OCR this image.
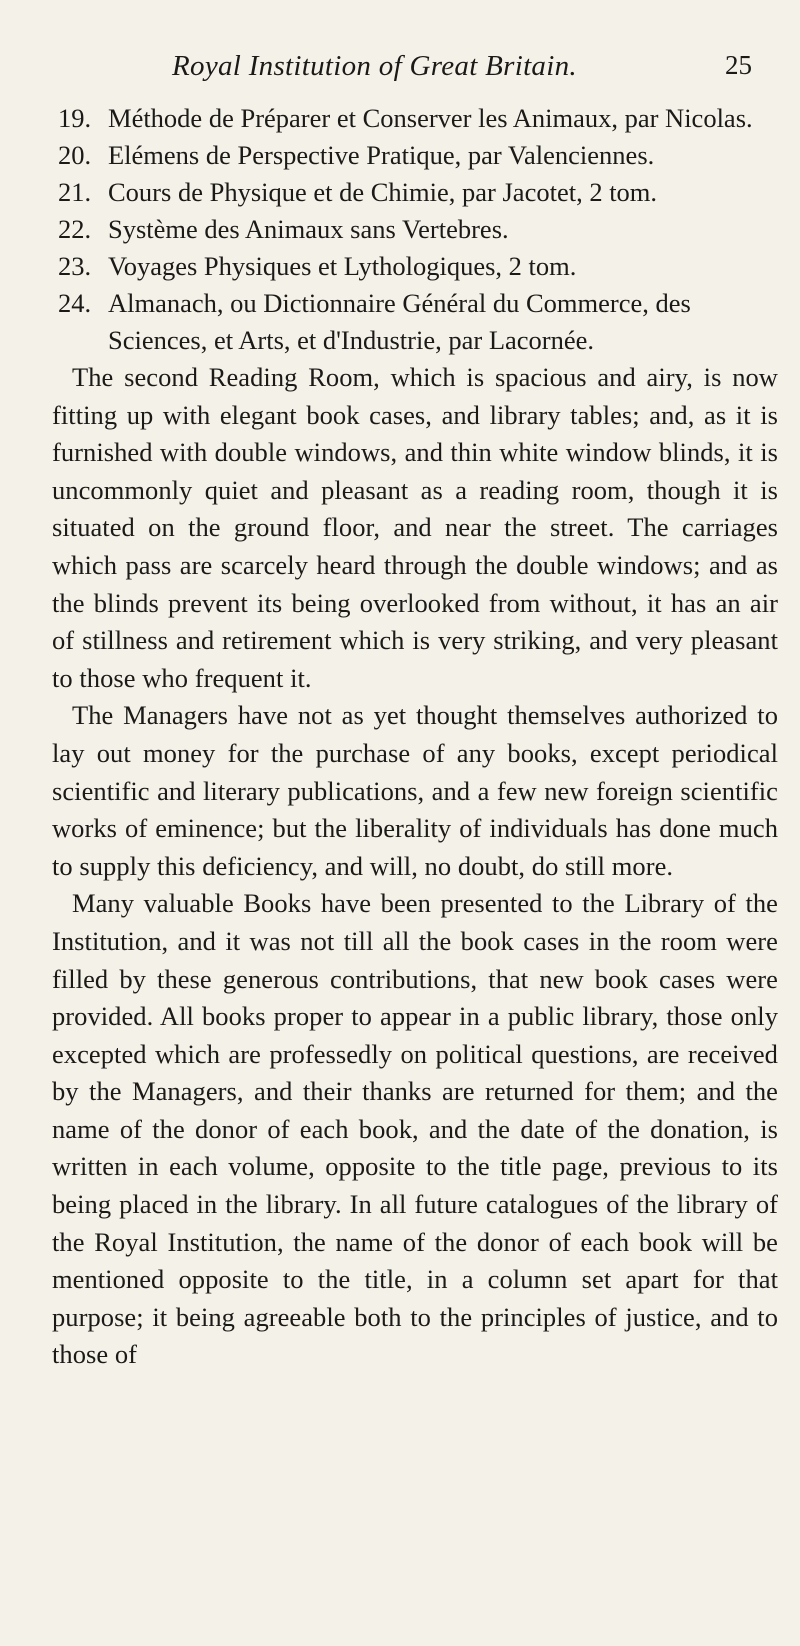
Royal Institution of Great Britain.	25
19. Méthode de Préparer et Conserver les Animaux, par Nicolas.
20. Elémens de Perspective Pratique, par Valenciennes.
21. Cours de Physique et de Chimie, par Jacotet, 2 tom.
22. Système des Animaux sans Vertebres.
23. Voyages Physiques et Lythologiques, 2 tom.
24. Almanach, ou Dictionnaire Général du Commerce, des Sciences, et Arts, et d'Industrie, par Lacornée.

The second Reading Room, which is spacious and airy, is now fitting up with elegant book cases, and library tables; and, as it is furnished with double windows, and thin white window blinds, it is uncommonly quiet and pleasant as a reading room, though it is situated on the ground floor, and near the street. The carriages which pass are scarcely heard through the double windows; and as the blinds prevent its being overlooked from without, it has an air of stillness and retirement which is very striking, and very pleasant to those who frequent it.

The Managers have not as yet thought themselves authorized to lay out money for the purchase of any books, except periodical scientific and literary publications, and a few new foreign scientific works of eminence; but the liberality of individuals has done much to supply this deficiency, and will, no doubt, do still more.

Many valuable Books have been presented to the Library of the Institution, and it was not till all the book cases in the room were filled by these generous contributions, that new book cases were provided. All books proper to appear in a public library, those only excepted which are professedly on political questions, are received by the Managers, and their thanks are returned for them; and the name of the donor of each book, and the date of the donation, is written in each volume, opposite to the title page, previous to its being placed in the library. In all future catalogues of the library of the Royal Institution, the name of the donor of each book will be mentioned opposite to the title, in a column set apart for that purpose; it being agreeable both to the principles of justice, and to those of
